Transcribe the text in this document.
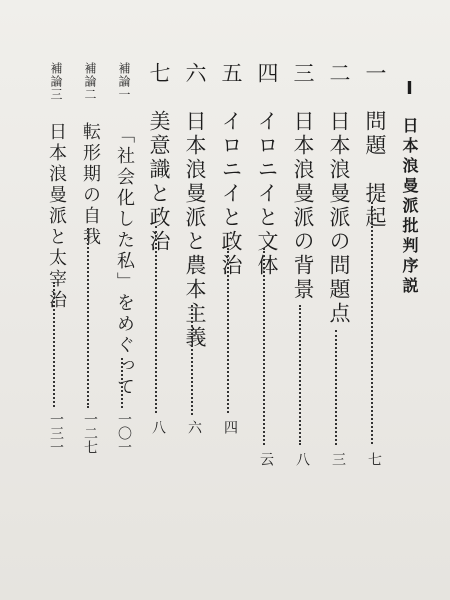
I日本浪曼派批判序説
一　問題　提起
七
二　日本浪曼派の問題点
三
三　日本浪曼派の背景
八
四　イロニイと文体
云
五　イロニイと政治
四
六　日本浪曼派と農本主義
六
七　美意識と政治
八
補論一 「社会化した私」をめぐって
一〇一
補論二　転形期の自我
一二七
補論三　日本浪曼派と太宰治
一三一
